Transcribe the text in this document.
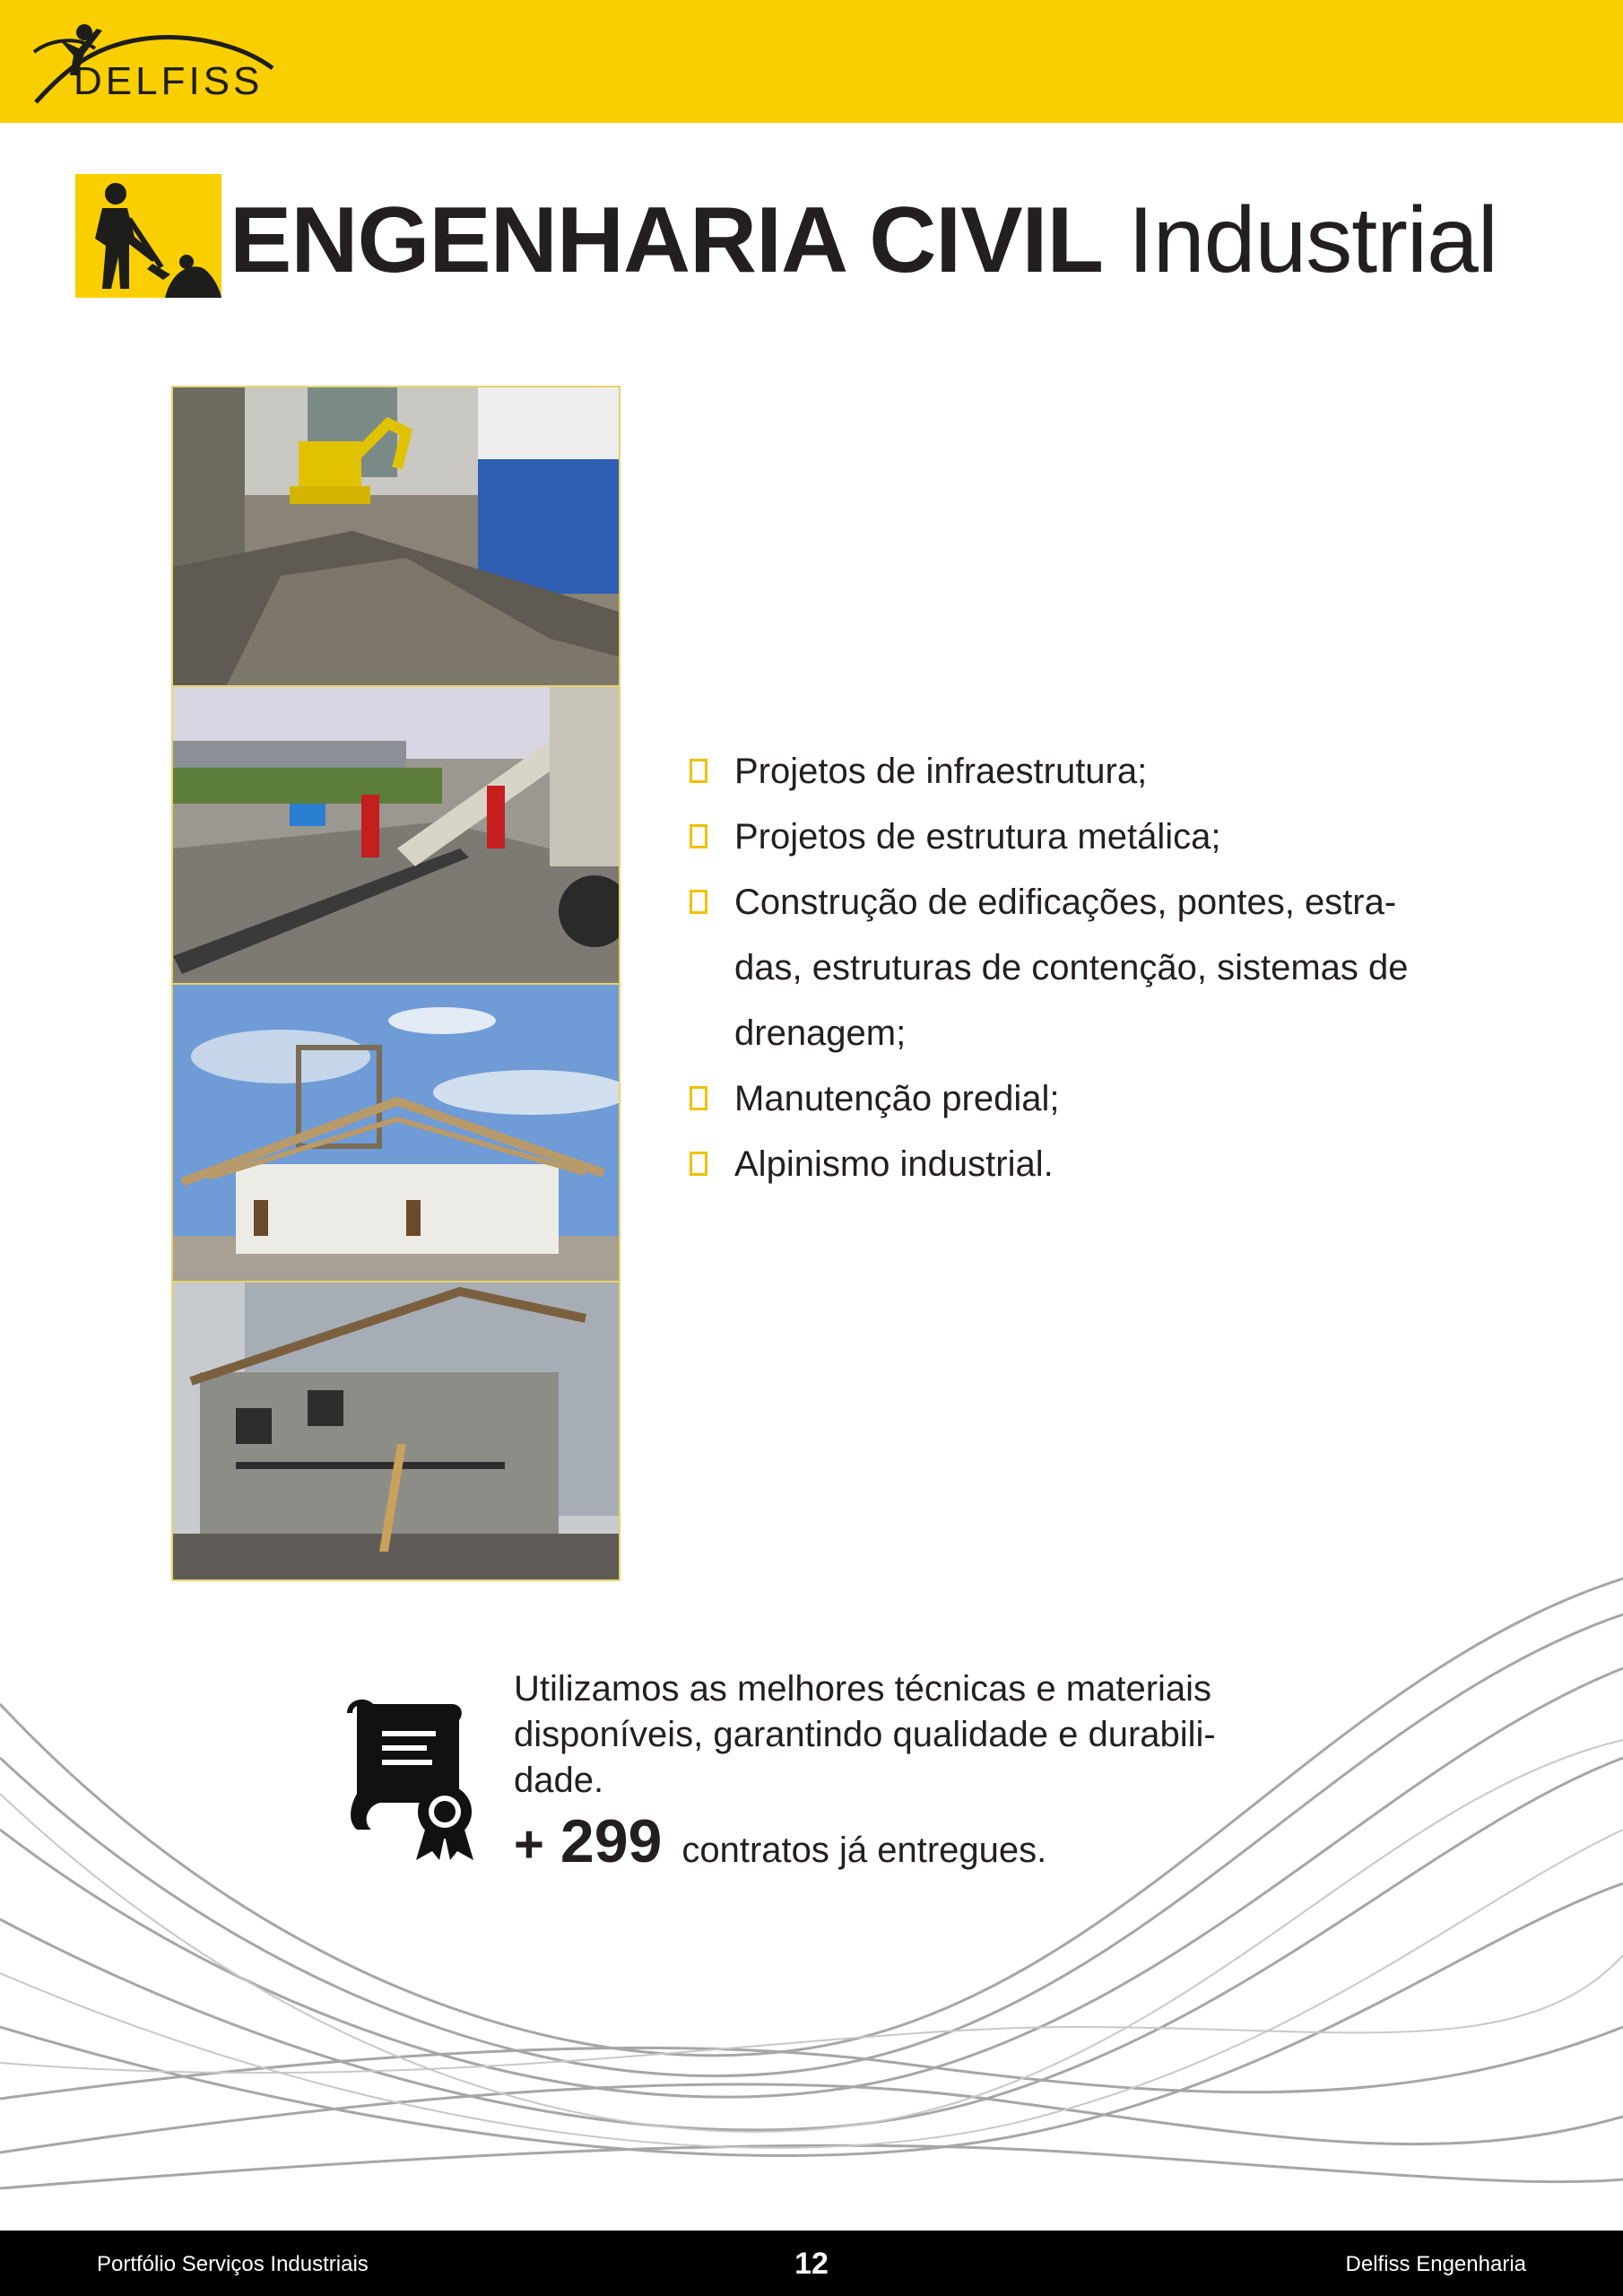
DELFISS
ENGENHARIA CIVIL Industrial
Projetos de infraestrutura;
Projetos de estrutura metálica;
Construção de edificações, pontes, estra-
das, estruturas de contenção, sistemas de
drenagem;
Manutenção predial;
Alpinismo industrial.
Utilizamos as melhores técnicas e materiais
disponíveis, garantindo qualidade e durabili-
dade.
+ 299 contratos já entregues.
Portfólio Serviços Industriais	12	Delfiss Engenharia
